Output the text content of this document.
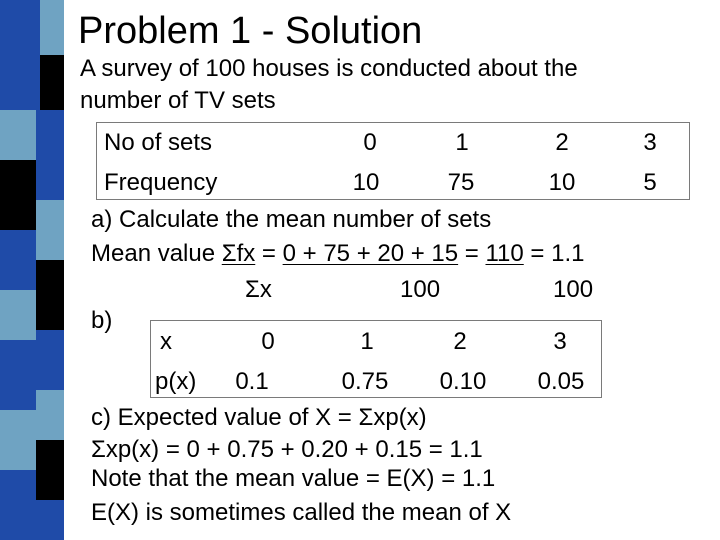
Problem 1 - Solution
A survey of 100 houses is conducted about the
number of TV sets
No of sets	0	1	2	3
Frequency	10	75	10	5
a) Calculate the mean number of sets
Mean value Σfx = 0 + 75 + 20 + 15 = 110 = 1.1
Σx	100	100
b)
x	0	1	2	3
p(x)	0.1	0.75	0.10	0.05
c) Expected value of X = Σxp(x)
Σxp(x) = 0 + 0.75 + 0.20 + 0.15 = 1.1
Note that the mean value = E(X) = 1.1
E(X) is sometimes called the mean of X
